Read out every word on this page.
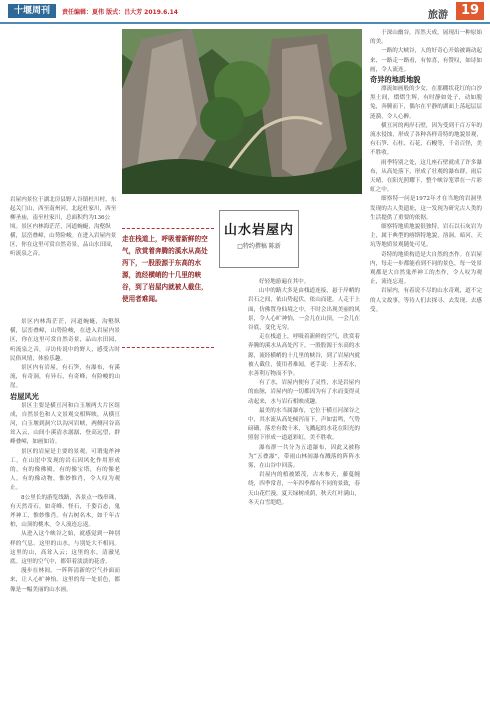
十堰周刊	责任编辑：夏伟 版式：吕大芳 2019.6.14	旅游 19
岩屋内景位于湖北房县野人谷镇杜川村，东起关门山，西至南州河，北起杜家川，西至柳圣庙，南至杜家川，总面积约为136公顷。景区内林海茫茫，河道蜿蜒，沟壑纵横，层峦叠嶂，山势险峻。在进入岩屋内景区，你在这里可赏自然奇景，品山水田园，听流泉之音。

景区内林海茫茫，河道蜿蜒，沟壑纵横，层峦叠嶂，山势险峻，在进入岩屋内景区，你在这里可赏自然奇景，品山水田园，听流泉之音，寻访传说中的野人，感受古时民俗风情，体验乐趣。

景区内有岩屋，有石笋，有瀑布，有溪流，有奇洞，有异石，有奇峰，有险峻的山崖。

岩屋风光

景区主要是横亘河和白玉堰两大片区组成，自然景色和人文景观交相辉映，从横亘河，白玉堰到洞穴以沟河岩峡，两侧河谷高耸入云，山间小溪清水潺潺，登高远望，群峰叠嶂，如画如诗。

景区的岩屋是主要的景观，可谓鬼斧神工，在山崖中发现的岩石因风化作用形成的，有的像佛殿，有的像宝塔，有的像老人，有的像动物，惟妙惟肖，令人叹为观止。

8公里长的游览线路，各景点一线串珠，有天然奇石，如奇峰、怪石，千姿百态，鬼斧神工，惟妙惟肖。有古树名木，如千年古柏，山顶的桃木，令人流连忘返。

从进入这个峡谷之始，就感觉到一种别样的气息。这里的山水，与别处大不相同。这里的山，高耸入云；这里的水，清澈见底。这里的空气中，都带着淡淡的花香。

漫步在林间，一阵阵清新的空气扑面而来，让人心旷神怡。这里的每一处景色，都像是一幅美丽的山水画。

山水岩屋内
□特约撰稿 陈新
走在栈道上，呼吸着新鲜的空气，欣赏着奔腾的溪水从高处泻下，一股股源于东高的水源，流经横峭的十几里的峡谷，到了岩屋内就被人截住，使用者难闻。

好轻地游遍在其中。

山中的路大多是由栈道连接，悬于岸峭的岩石之间，依山势起伏，依山而建，人走于上面，仿佛置身仙境之中，不时会出现美丽的风景，令人心旷神怡，一会儿在山顶，一会儿在谷底，变化无穷。

走在栈道上，呼吸着新鲜的空气，欣赏着奔腾的溪水从高处泻下，一股股源于东高的水源，流经横峭的十几里的峡谷，到了岩屋内就被人截住，使用者难闻，老手说：上善若水，水善利万物而不争。

有了水，岩屋内便有了灵性，水是岩屋内的血脉，岩屋内的一切都因为有了水而变得灵动起来，水与岩石相映成趣。

最美的水当属瀑布，它位于横亘河深谷之中，其水流从高处倾泻而下，声如雷鸣，气势磅礴，落差有数十米，飞溅起的水花在阳光的照射下形成一道道彩虹，美不胜收。

瀑布群一共分为五道瀑布，因此又被称为“五叠瀑”，带雨山林间瀑布溅落的阵阵水雾，在山谷中回荡。

岩屋内的植被繁茂，古木参天，藤蔓缠绕，四季常青，一年四季都有不同的景致，春天山花烂漫，夏天绿树成荫，秋天红叶满山，冬天白雪皑皑。

于深山幽谷，浑然天成，展现出一种原始的美。

一路的大峡谷，人的好奇心开始被调动起来，一路走一路看，有惊喜，有赞叹，如诗如画，令人流连。

奇异的地质地貌

漂流如画般的少女，在那棚状花红的白沙黑土间，熠熠生辉，有时静如处子，动如脱兔，奔腾而下，偶尔在平静的湖面上荡起层层涟漪，令人心醉。

横亘河的两岸石壁，因为受到千百万年的流水侵蚀，形成了各种各样奇特的地貌景观，有石笋、石柱、石花、石幔等，千奇百怪，美不胜收。

雨季特别之处，这几座石壁就成了许多瀑布，从高处落下，形成了壮观的瀑布群，雨后天晴，在阳光照耀下，整个峡谷笼罩在一片彩虹之中。

细察特一问是1972年才在当地的岩洞里发现的古人类遗址，这一发现为研究古人类的生活提供了重要的依据。

细察特地质地貌很独特，岩石以石灰岩为主，属于典型的喀斯特地貌，溶洞、暗河、天坑等地质景观随处可见。

奇特的地质构造是大自然的杰作。在岩屋内，每走一步都能看到不同的景色，每一处景观都是大自然鬼斧神工的杰作，令人叹为观止，流连忘返。

岩屋内，有着说不尽的山水奇观，道不完的人文故事，等待人们去探寻、去发现、去感受。
